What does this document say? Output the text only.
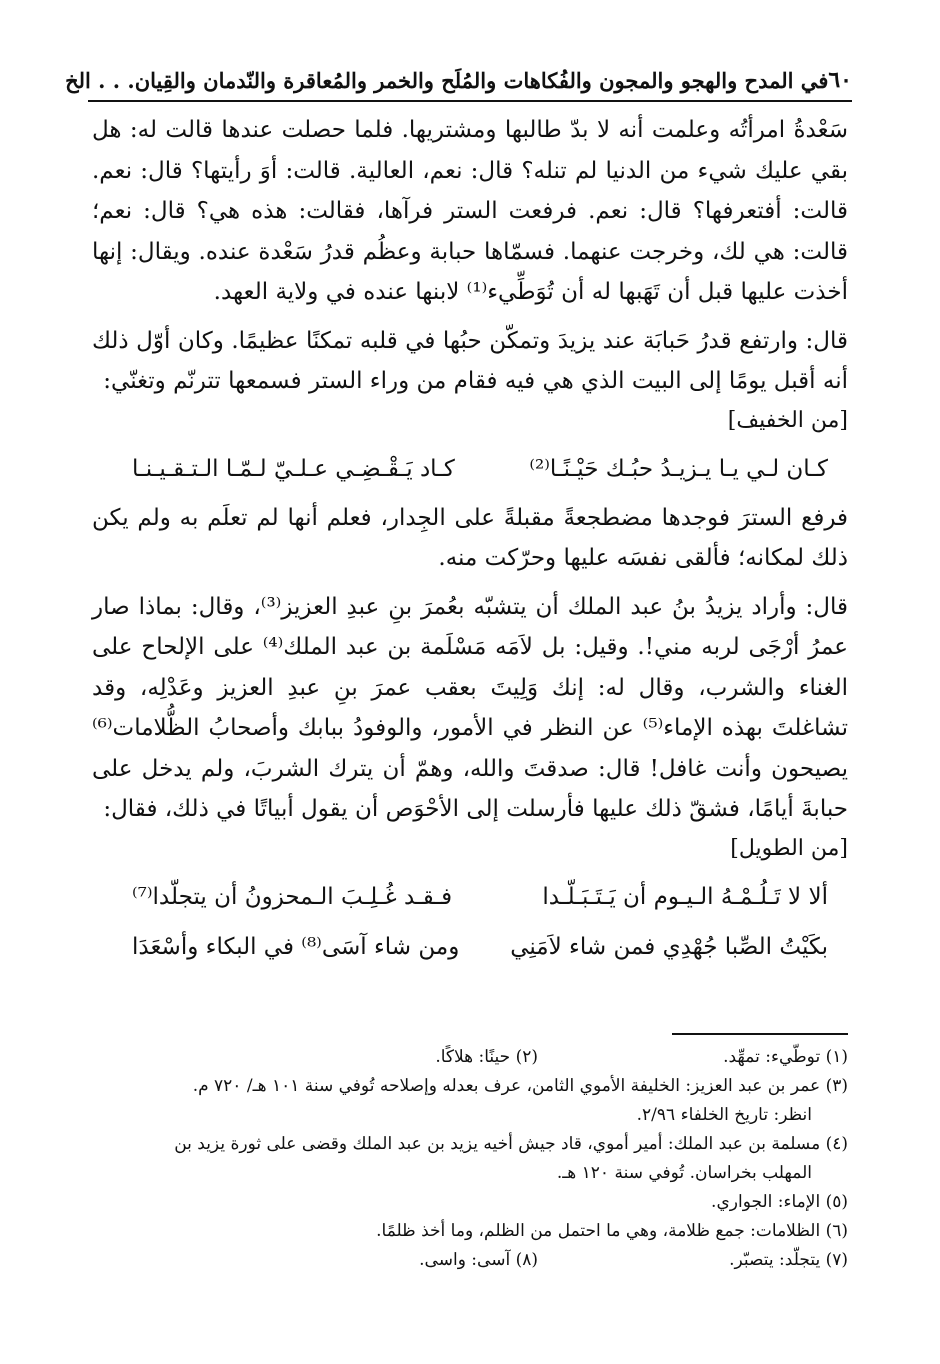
٦٠
في المدح والهجو والمجون والفُكاهات والمُلَح والخمر والمُعاقرة والنّدمان والقِيان. . . الخ

سَعْدةُ امرأتُه وعلمت أنه لا بدّ طالبها ومشتريها. فلما حصلت عندها قالت له: هل بقي عليك شيء من الدنيا لم تنله؟ قال: نعم، العالية. قالت: أوَ رأيتها؟ قال: نعم. قالت: أفتعرفها؟ قال: نعم. فرفعت الستر فرآها، فقالت: هذه هي؟ قال: نعم؛ قالت: هي لك، وخرجت عنهما. فسمّاها حبابة وعظُم قدرُ سَعْدة عنده. ويقال: إنها أخذت عليها قبل أن تَهَبها له أن تُوَطِّيء⁽¹⁾ لابنها عنده في ولاية العهد.

قال: وارتفع قدرُ حَبابَة عند يزيدَ وتمكّن حبُها في قلبه تمكنًا عظيمًا. وكان أوّل ذلك أنه أقبل يومًا إلى البيت الذي هي فيه فقام من وراء الستر فسمعها تترنّم وتغنّي:

[من الخفيف]

كـان لـي يـا يـزيـدُ حبُـك حَيْـنًـا⁽²⁾
كـاد يَـقْـضِـي عـلـيّ لـمّـا الـتـقـيـنـا

فرفع السترَ فوجدها مضطجعةً مقبلةً على الجِدار، فعلم أنها لم تعلَم به ولم يكن ذلك لمكانه؛ فألقى نفسَه عليها وحرّكت منه.

قال: وأراد يزيدُ بنُ عبد الملك أن يتشبّه بعُمرَ بنِ عبدِ العزيز⁽³⁾، وقال: بماذا صار عمرُ أرْجَى لربه مني!. وقيل: بل لاَمَه مَسْلَمة بن عبد الملك⁽⁴⁾ على الإلحاح على الغناء والشرب، وقال له: إنك وَلِيتَ بعقب عمرَ بنِ عبدِ العزيز وعَدْلِه، وقد تشاغلتَ بهذه الإماء⁽⁵⁾ عن النظر في الأمور، والوفودُ ببابك وأصحابُ الظُّلامات⁽⁶⁾ يصيحون وأنت غافل! قال: صدقتَ والله، وهمّ أن يترك الشربَ، ولم يدخل على حبابةَ أيامًا، فشقّ ذلك عليها فأرسلت إلى الأحْوَص أن يقول أبياتًا في ذلك، فقال:

[من الطويل]

ألا لا تَـلُـمْـهُ الـيـوم أن يَـتَـبَـلّـدا
فـقـد غُـلِـبَ الـمحزونُ أن يتجلّدا⁽⁷⁾
بكَيْتُ الصِّبا جُهْدِي فمن شاء لاَمَنِي
ومن شاء آسَى⁽⁸⁾ في البكاء وأسْعَدَا

(١) توطّيء: تمهِّد.

(٢) حينًا: هلاكًا.

(٣) عمر بن عبد العزيز: الخليفة الأموي الثامن، عرف بعدله وإصلاحه تُوفي سنة ١٠١ هـ/ ٧٢٠ م.

انظر: تاريخ الخلفاء ٢/٩٦.

(٤) مسلمة بن عبد الملك: أمير أموي، قاد جيش أخيه يزيد بن عبد الملك وقضى على ثورة يزيد بن

المهلب بخراسان. تُوفي سنة ١٢٠ هـ.

(٥) الإماء: الجواري.

(٦) الظلامات: جمع ظلامة، وهي ما احتمل من الظلم، وما أخذ ظلمًا.

(٧) يتجلّد: يتصبّر.

(٨) آسى: واسى.
